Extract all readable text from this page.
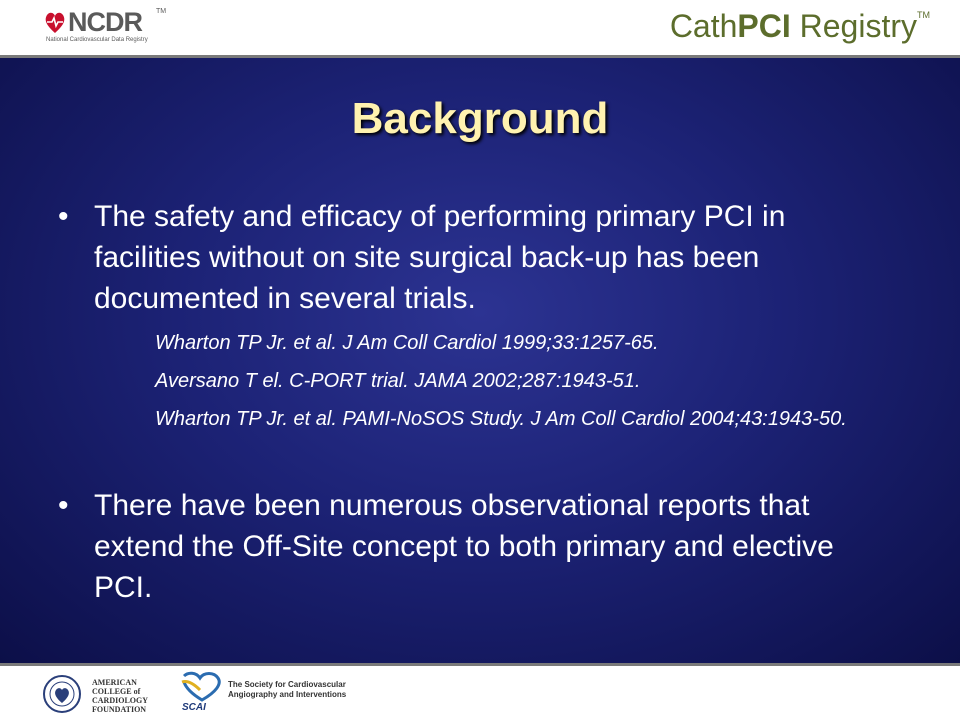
NCDR TM
National Cardiovascular Data Registry	CathPCI Registry™
Background
• The safety and efficacy of performing primary PCI in facilities without on site surgical back-up has been documented in several trials.
Wharton TP Jr. et al. J Am Coll Cardiol 1999;33:1257-65.
Aversano T el. C-PORT trial. JAMA 2002;287:1943-51.
Wharton TP Jr. et al. PAMI-NoSOS Study. J Am Coll Cardiol 2004;43:1943-50.
• There have been numerous observational reports that extend the Off-Site concept to both primary and elective PCI.
AMERICAN
COLLEGE of
CARDIOLOGY
FOUNDATION	SCAI
The Society for Cardiovascular
Angiography and Interventions
